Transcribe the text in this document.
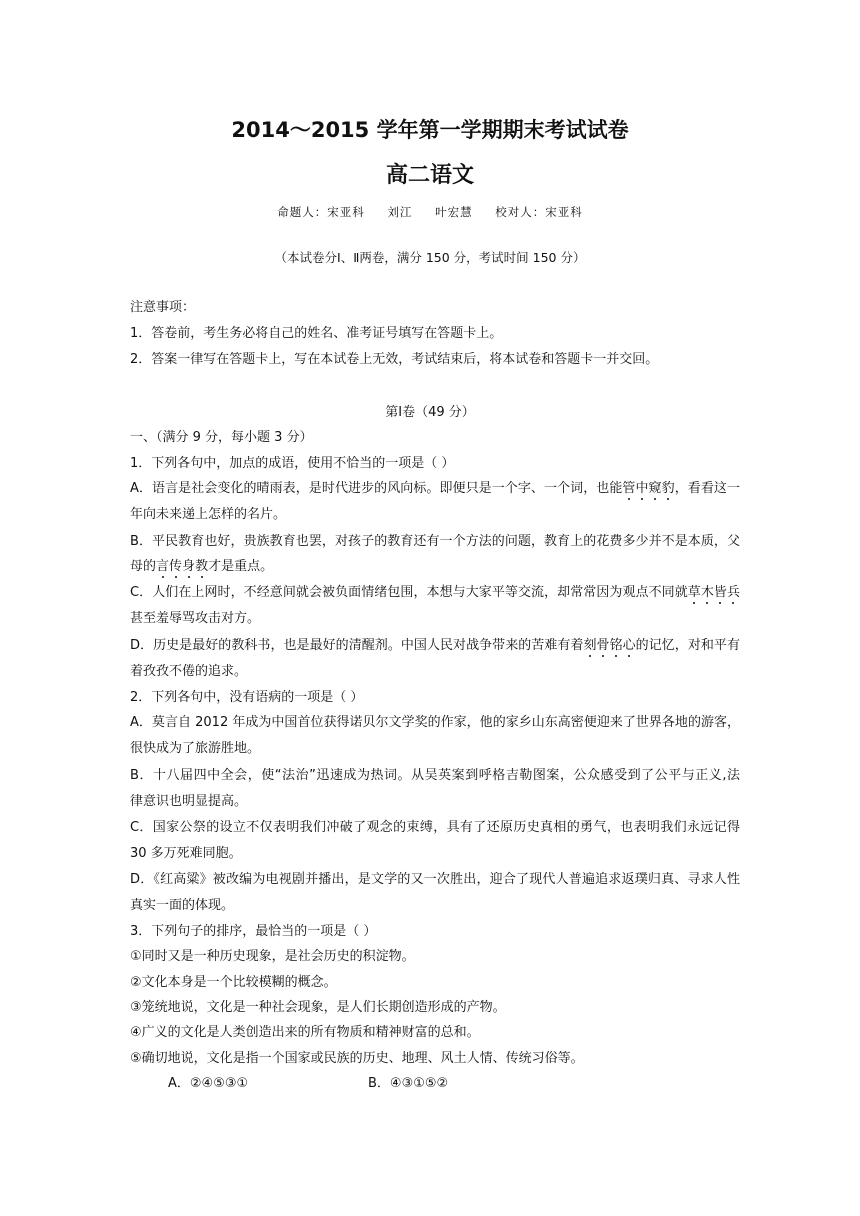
2014～2015 学年第一学期期末考试试卷
高二语文
命题人：宋亚科 刘江 叶宏慧 校对人：宋亚科
（本试卷分Ⅰ、Ⅱ两卷，满分 150 分，考试时间 150 分）
注意事项：
1．答卷前，考生务必将自己的姓名、准考证号填写在答题卡上。
2．答案一律写在答题卡上，写在本试卷上无效，考试结束后，将本试卷和答题卡一并交回。
第Ⅰ卷（49 分）
一、（满分 9 分，每小题 3 分）
1．下列各句中，加点的成语，使用不恰当的一项是（ ）
A．语言是社会变化的晴雨表，是时代进步的风向标。即便只是一个字、一个词，也能管中窥豹，看看这一
年向未来递上怎样的名片。
B．平民教育也好，贵族教育也罢，对孩子的教育还有一个方法的问题，教育上的花费多少并不是本质，父
母的言传身教才是重点。
C．人们在上网时，不经意间就会被负面情绪包围，本想与大家平等交流，却常常因为观点不同就草木皆兵
甚至羞辱骂攻击对方。
D．历史是最好的教科书，也是最好的清醒剂。中国人民对战争带来的苦难有着刻骨铭心的记忆，对和平有
着孜孜不倦的追求。
2．下列各句中，没有语病的一项是（ ）
A．莫言自 2012 年成为中国首位获得诺贝尔文学奖的作家，他的家乡山东高密便迎来了世界各地的游客，
很快成为了旅游胜地。
B．十八届四中全会，使“法治”迅速成为热词。从吴英案到呼格吉勒图案，公众感受到了公平与正义,法
律意识也明显提高。
C．国家公祭的设立不仅表明我们冲破了观念的束缚，具有了还原历史真相的勇气，也表明我们永远记得
30 多万死难同胞。
D．《红高粱》被改编为电视剧并播出，是文学的又一次胜出，迎合了现代人普遍追求返璞归真、寻求人性
真实一面的体现。
3．下列句子的排序，最恰当的一项是（ ）
①同时又是一种历史现象，是社会历史的积淀物。
②文化本身是一个比较模糊的概念。
③笼统地说，文化是一种社会现象，是人们长期创造形成的产物。
④广义的文化是人类创造出来的所有物质和精神财富的总和。
⑤确切地说，文化是指一个国家或民族的历史、地理、风土人情、传统习俗等。
A．②④⑤③①	B．④③①⑤②
